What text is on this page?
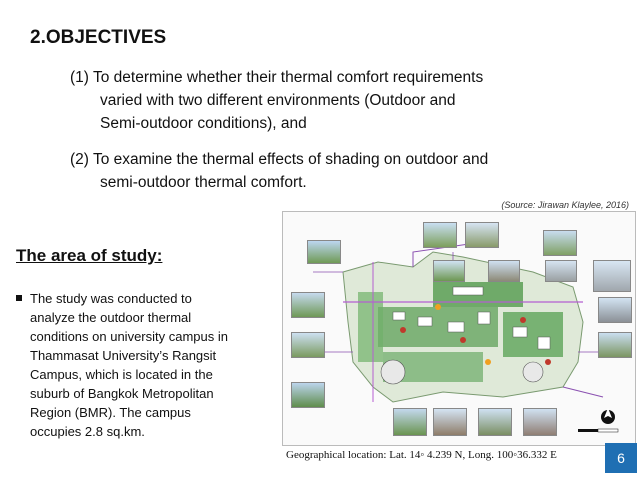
2.OBJECTIVES
(1) To determine whether their thermal comfort requirements
varied with two different environments (Outdoor and
Semi-outdoor conditions), and
(2) To examine the thermal effects of shading on outdoor and
semi-outdoor thermal comfort.
(Source: Jirawan Klaylee, 2016)
The area of study:
The study was conducted to
analyze the outdoor thermal
conditions on university campus in
Thammasat University’s Rangsit
Campus, which is located in the
suburb of Bangkok Metropolitan
Region (BMR). The campus
occupies 2.8 sq.km.
Geographical location: Lat. 14◦ 4.239 N, Long. 100◦36.332 E	6
